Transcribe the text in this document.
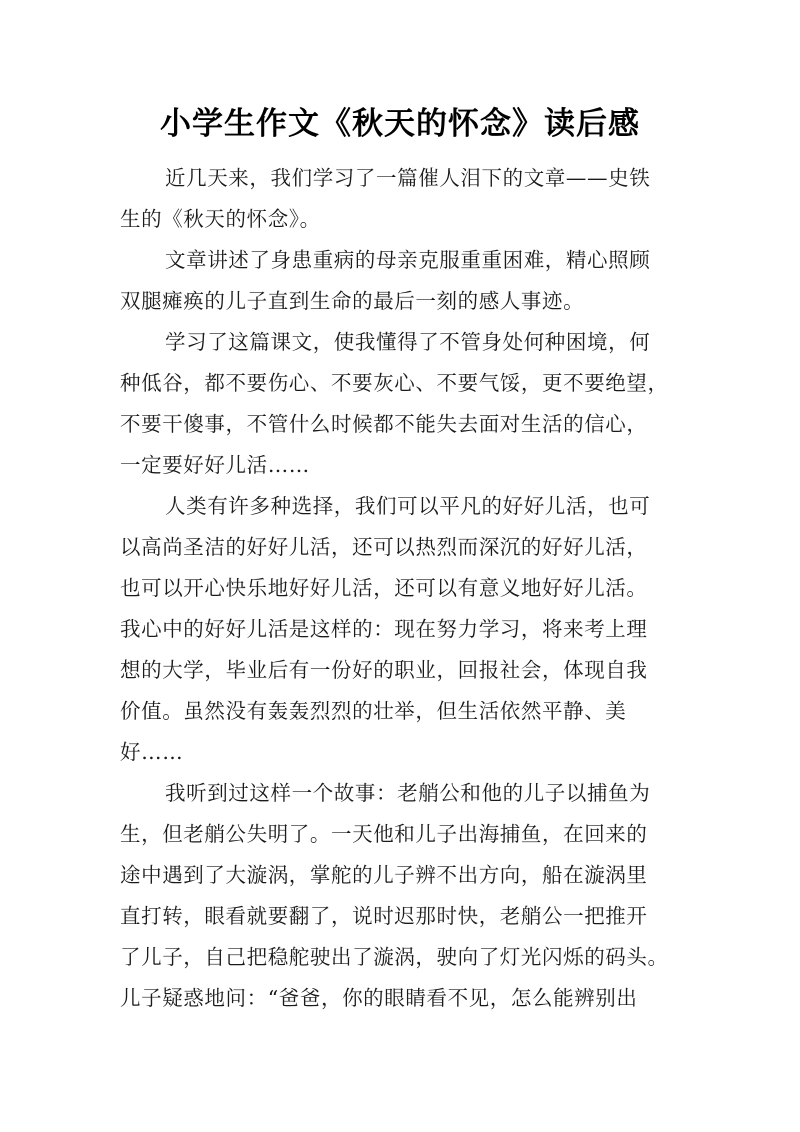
小学生作文《秋天的怀念》读后感
近几天来，我们学习了一篇催人泪下的文章——史铁
生的《秋天的怀念》。
文章讲述了身患重病的母亲克服重重困难，精心照顾
双腿瘫痪的儿子直到生命的最后一刻的感人事迹。
学习了这篇课文，使我懂得了不管身处何种困境，何
种低谷，都不要伤心、不要灰心、不要气馁，更不要绝望，
不要干傻事，不管什么时候都不能失去面对生活的信心，
一定要好好儿活……
人类有许多种选择，我们可以平凡的好好儿活，也可
以高尚圣洁的好好儿活，还可以热烈而深沉的好好儿活，
也可以开心快乐地好好儿活，还可以有意义地好好儿活。
我心中的好好儿活是这样的：现在努力学习，将来考上理
想的大学，毕业后有一份好的职业，回报社会，体现自我
价值。虽然没有轰轰烈烈的壮举，但生活依然平静、美
好……
我听到过这样一个故事：老艄公和他的儿子以捕鱼为
生，但老艄公失明了。一天他和儿子出海捕鱼，在回来的
途中遇到了大漩涡，掌舵的儿子辨不出方向，船在漩涡里
直打转，眼看就要翻了，说时迟那时快，老艄公一把推开
了儿子，自己把稳舵驶出了漩涡，驶向了灯光闪烁的码头。
儿子疑惑地问：“爸爸，你的眼睛看不见，怎么能辨别出
